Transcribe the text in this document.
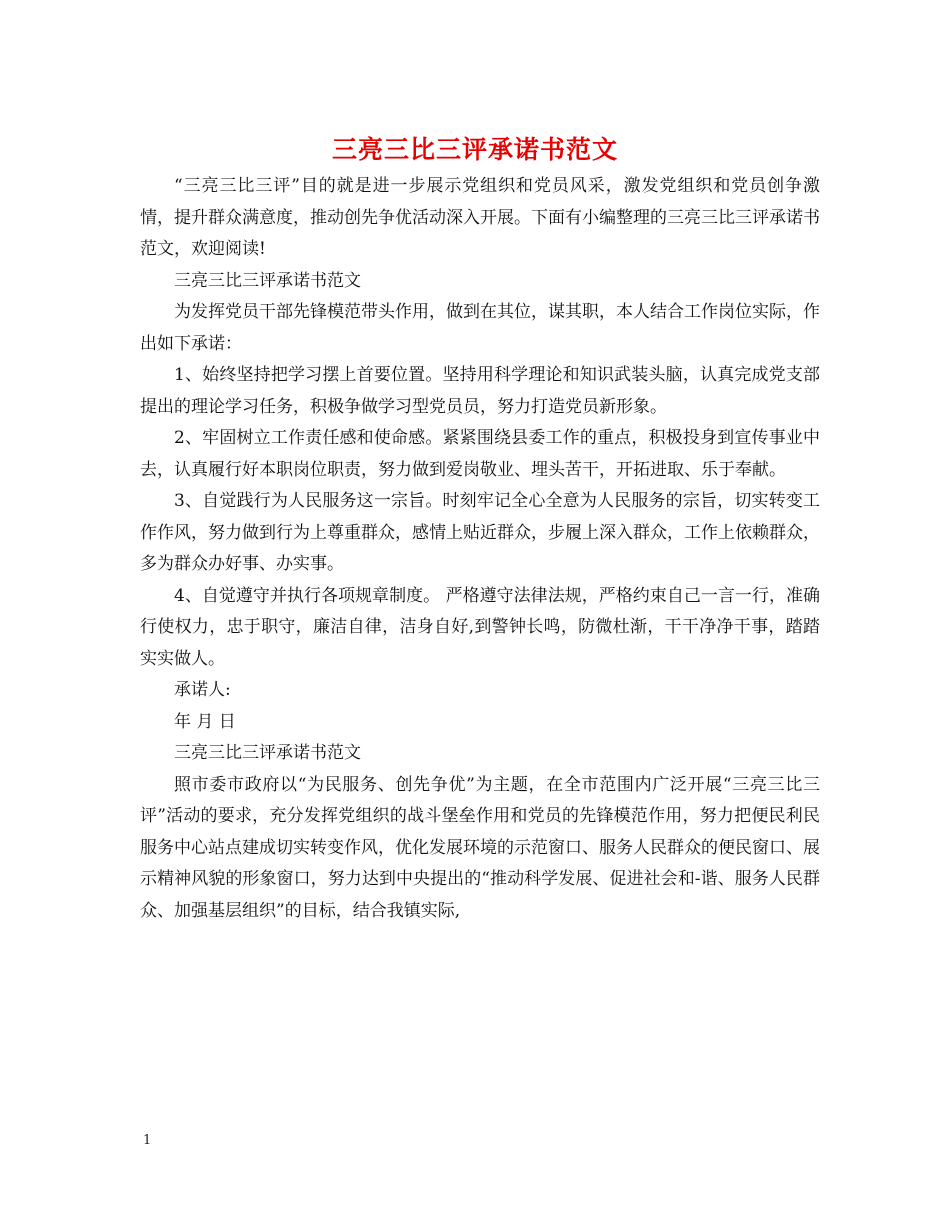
三亮三比三评承诺书范文

“三亮三比三评”目的就是进一步展示党组织和党员风采，激发党组织和党员创争激情，提升群众满意度，推动创先争优活动深入开展。下面有小编整理的三亮三比三评承诺书范文，欢迎阅读!

三亮三比三评承诺书范文

为发挥党员干部先锋模范带头作用，做到在其位，谋其职，本人结合工作岗位实际，作出如下承诺：

1、始终坚持把学习摆上首要位置。坚持用科学理论和知识武装头脑，认真完成党支部提出的理论学习任务，积极争做学习型党员员，努力打造党员新形象。

2、牢固树立工作责任感和使命感。紧紧围绕县委工作的重点，积极投身到宣传事业中去，认真履行好本职岗位职责，努力做到爱岗敬业、埋头苦干，开拓进取、乐于奉献。

3、自觉践行为人民服务这一宗旨。时刻牢记全心全意为人民服务的宗旨，切实转变工作作风，努力做到行为上尊重群众，感情上贴近群众，步履上深入群众，工作上依赖群众，多为群众办好事、办实事。

4、自觉遵守并执行各项规章制度。 严格遵守法律法规，严格约束自己一言一行，准确行使权力，忠于职守，廉洁自律，洁身自好,到警钟长鸣，防微杜渐，干干净净干事，踏踏实实做人。

承诺人:

年 月 日

三亮三比三评承诺书范文

照市委市政府以“为民服务、创先争优”为主题，在全市范围内广泛开展“三亮三比三评”活动的要求，充分发挥党组织的战斗堡垒作用和党员的先锋模范作用，努力把便民利民服务中心站点建成切实转变作风，优化发展环境的示范窗口、服务人民群众的便民窗口、展示精神风貌的形象窗口，努力达到中央提出的“推动科学发展、促进社会和-谐、服务人民群众、加强基层组织”的目标，结合我镇实际,

1
